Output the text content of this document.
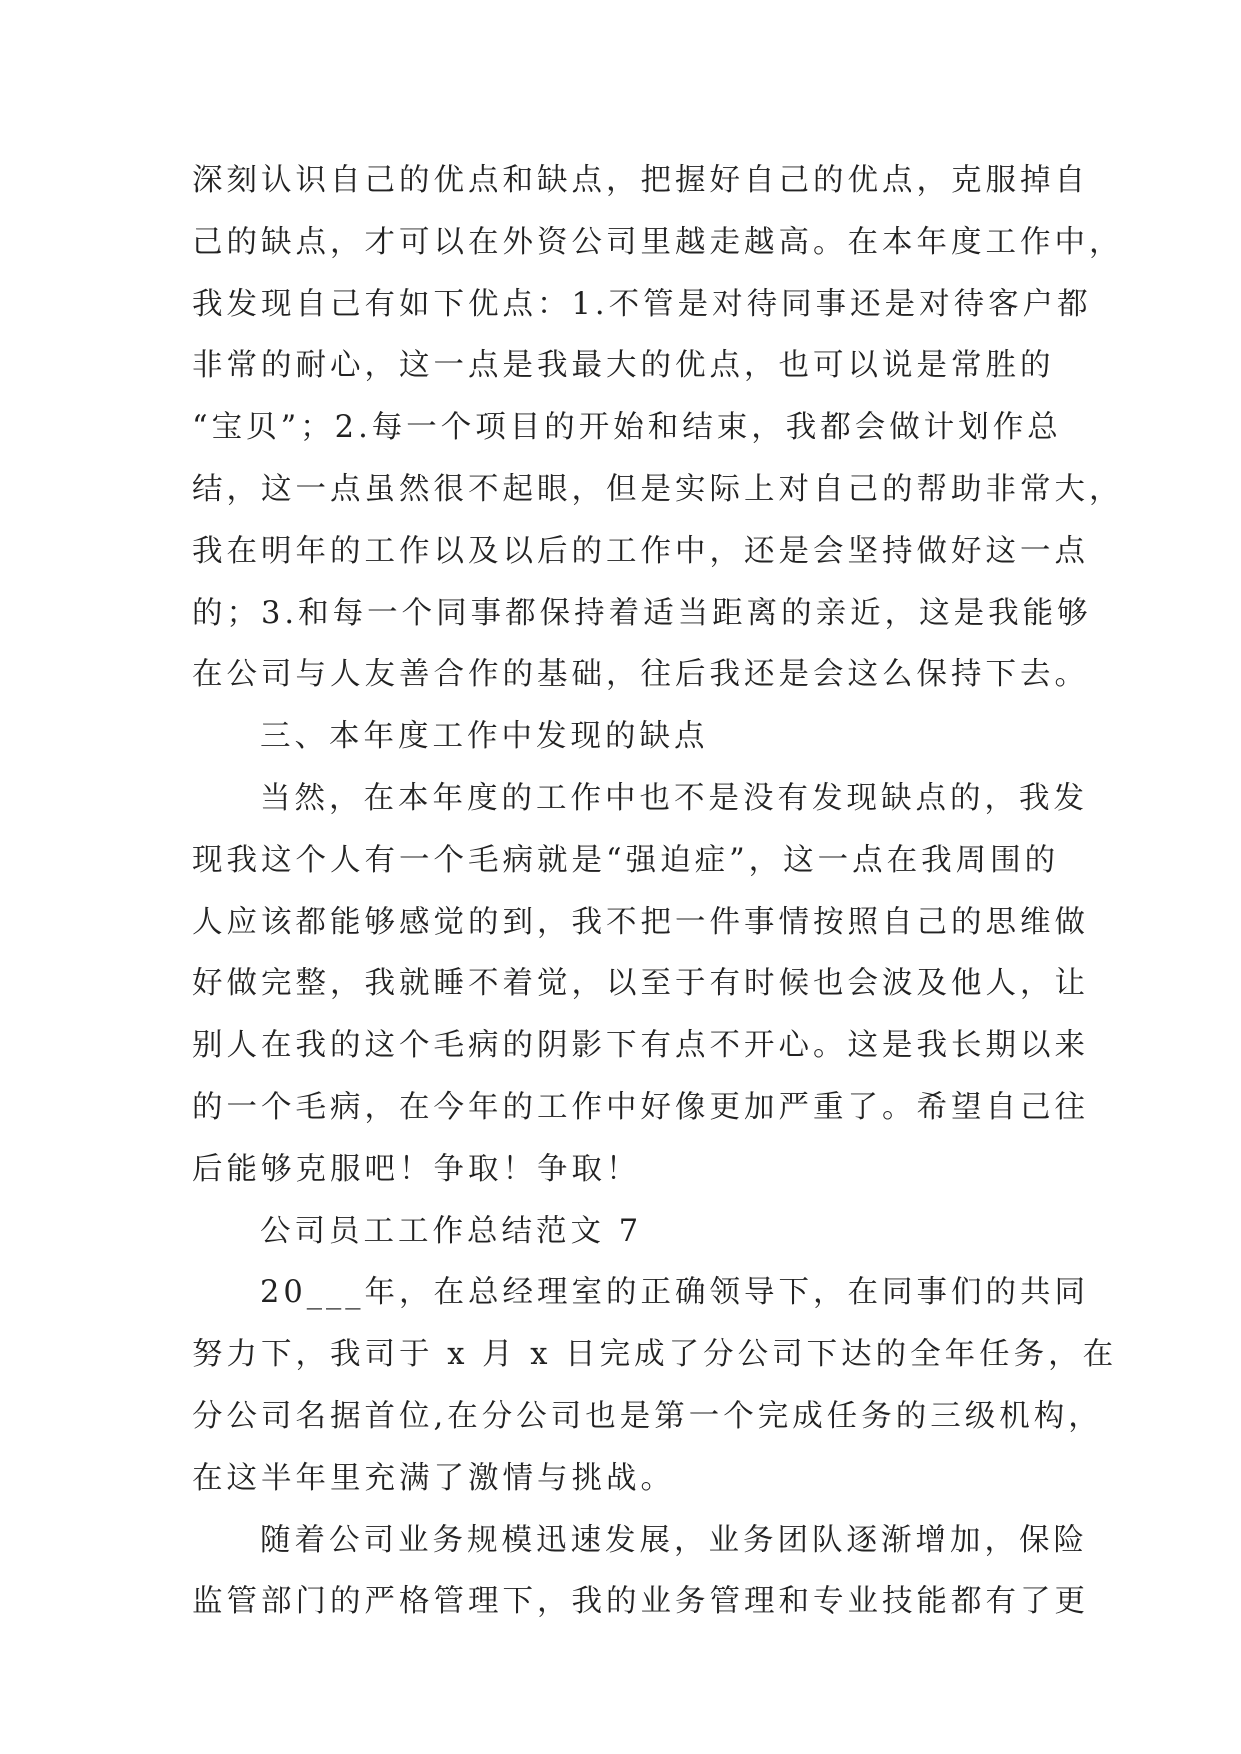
深刻认识自己的优点和缺点，把握好自己的优点，克服掉自
己的缺点，才可以在外资公司里越走越高。在本年度工作中，
我发现自己有如下优点：1.不管是对待同事还是对待客户都
非常的耐心，这一点是我最大的优点，也可以说是常胜的
“宝贝”；2.每一个项目的开始和结束，我都会做计划作总
结，这一点虽然很不起眼，但是实际上对自己的帮助非常大，
我在明年的工作以及以后的工作中，还是会坚持做好这一点
的；3.和每一个同事都保持着适当距离的亲近，这是我能够
在公司与人友善合作的基础，往后我还是会这么保持下去。
三、本年度工作中发现的缺点
当然，在本年度的工作中也不是没有发现缺点的，我发
现我这个人有一个毛病就是“强迫症”，这一点在我周围的
人应该都能够感觉的到，我不把一件事情按照自己的思维做
好做完整，我就睡不着觉，以至于有时候也会波及他人，让
别人在我的这个毛病的阴影下有点不开心。这是我长期以来
的一个毛病，在今年的工作中好像更加严重了。希望自己往
后能够克服吧！争取！争取！
公司员工工作总结范文 7
20___年，在总经理室的正确领导下，在同事们的共同
努力下，我司于 x 月 x 日完成了分公司下达的全年任务，在
分公司名据首位,在分公司也是第一个完成任务的三级机构，
在这半年里充满了激情与挑战。
随着公司业务规模迅速发展，业务团队逐渐增加，保险
监管部门的严格管理下，我的业务管理和专业技能都有了更
